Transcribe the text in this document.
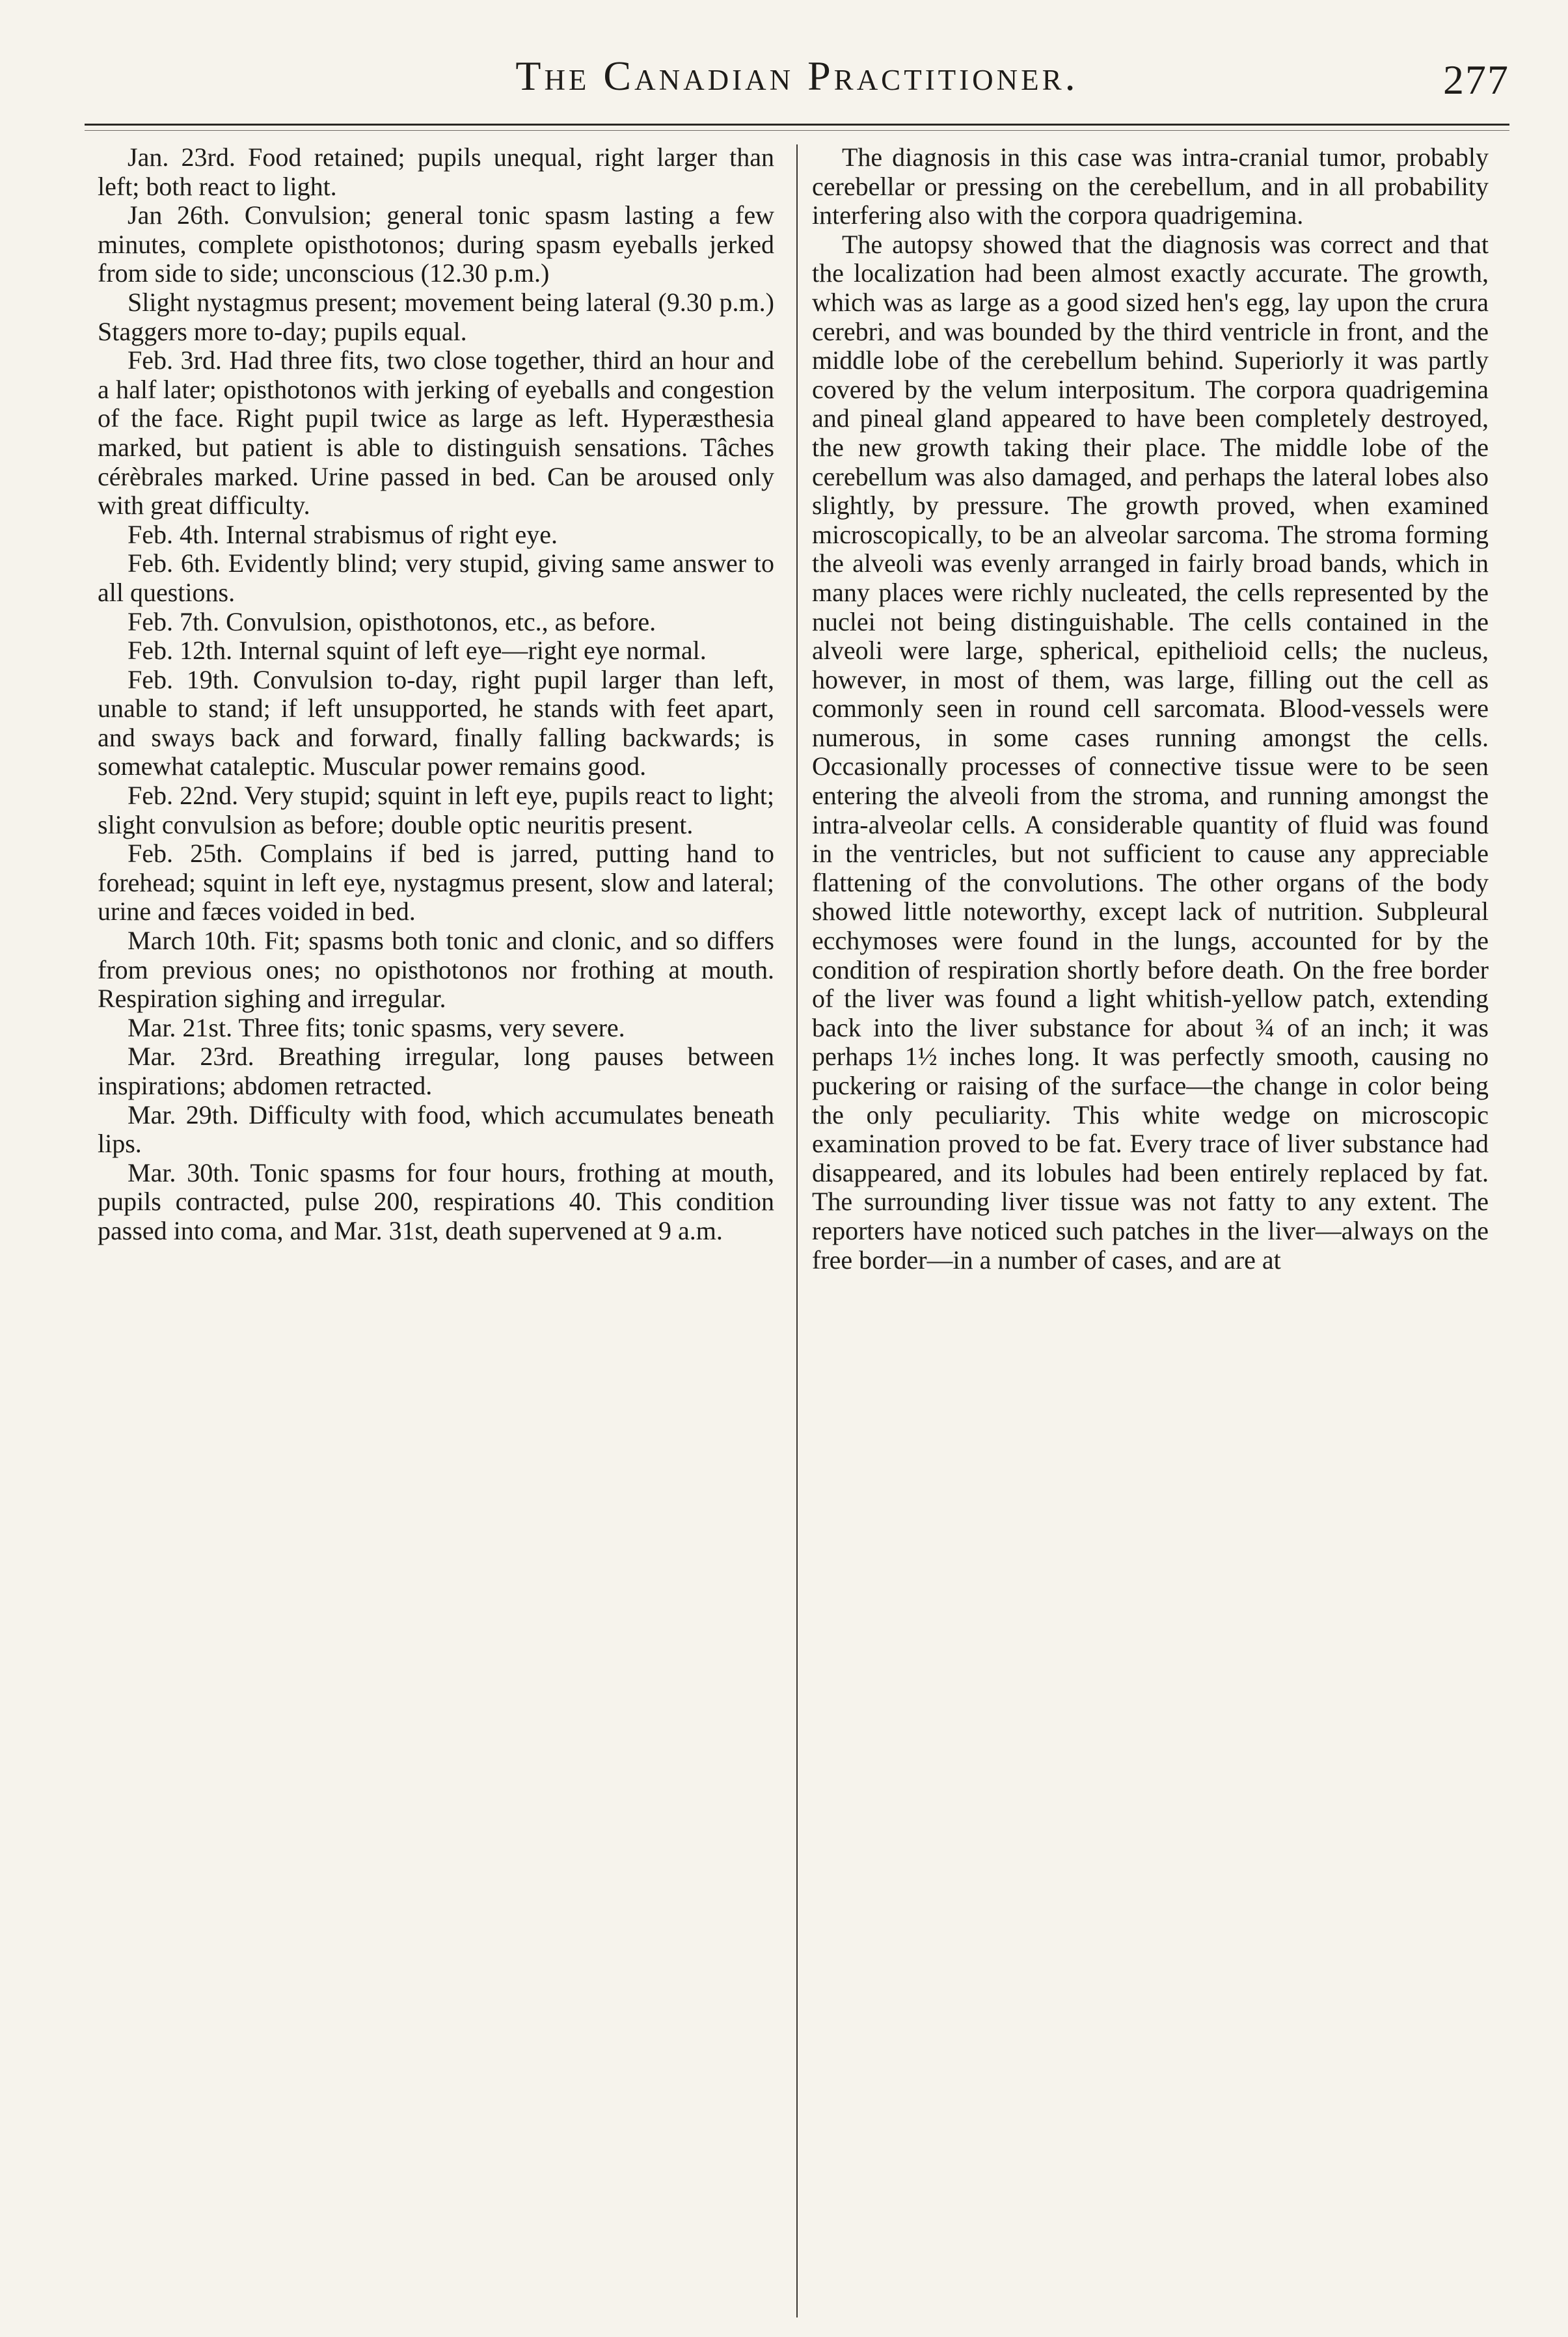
The Canadian Practitioner.	277

Jan. 23rd. Food retained; pupils unequal, right larger than left; both react to light.

Jan 26th. Convulsion; general tonic spasm lasting a few minutes, complete opisthotonos; during spasm eyeballs jerked from side to side; unconscious (12.30 p.m.)

Slight nystagmus present; movement being lateral (9.30 p.m.) Staggers more to-day; pupils equal.

Feb. 3rd. Had three fits, two close together, third an hour and a half later; opisthotonos with jerking of eyeballs and congestion of the face. Right pupil twice as large as left. Hyperæsthesia marked, but patient is able to distinguish sensations. Tâches cérèbrales marked. Urine passed in bed. Can be aroused only with great difficulty.

Feb. 4th. Internal strabismus of right eye.

Feb. 6th. Evidently blind; very stupid, giving same answer to all questions.

Feb. 7th. Convulsion, opisthotonos, etc., as before.

Feb. 12th. Internal squint of left eye—right eye normal.

Feb. 19th. Convulsion to-day, right pupil larger than left, unable to stand; if left unsupported, he stands with feet apart, and sways back and forward, finally falling backwards; is somewhat cataleptic. Muscular power remains good.

Feb. 22nd. Very stupid; squint in left eye, pupils react to light; slight convulsion as before; double optic neuritis present.

Feb. 25th. Complains if bed is jarred, putting hand to forehead; squint in left eye, nystagmus present, slow and lateral; urine and fæces voided in bed.

March 10th. Fit; spasms both tonic and clonic, and so differs from previous ones; no opisthotonos nor frothing at mouth. Respiration sighing and irregular.

Mar. 21st. Three fits; tonic spasms, very severe.

Mar. 23rd. Breathing irregular, long pauses between inspirations; abdomen retracted.

Mar. 29th. Difficulty with food, which accumulates beneath lips.

Mar. 30th. Tonic spasms for four hours, frothing at mouth, pupils contracted, pulse 200, respirations 40. This condition passed into coma, and Mar. 31st, death supervened at 9 a.m.

The diagnosis in this case was intra-cranial tumor, probably cerebellar or pressing on the cerebellum, and in all probability interfering also with the corpora quadrigemina.

The autopsy showed that the diagnosis was correct and that the localization had been almost exactly accurate. The growth, which was as large as a good sized hen's egg, lay upon the crura cerebri, and was bounded by the third ventricle in front, and the middle lobe of the cerebellum behind. Superiorly it was partly covered by the velum interpositum. The corpora quadrigemina and pineal gland appeared to have been completely destroyed, the new growth taking their place. The middle lobe of the cerebellum was also damaged, and perhaps the lateral lobes also slightly, by pressure. The growth proved, when examined microscopically, to be an alveolar sarcoma. The stroma forming the alveoli was evenly arranged in fairly broad bands, which in many places were richly nucleated, the cells represented by the nuclei not being distinguishable. The cells contained in the alveoli were large, spherical, epithelioid cells; the nucleus, however, in most of them, was large, filling out the cell as commonly seen in round cell sarcomata. Blood-vessels were numerous, in some cases running amongst the cells. Occasionally processes of connective tissue were to be seen entering the alveoli from the stroma, and running amongst the intra-alveolar cells. A considerable quantity of fluid was found in the ventricles, but not sufficient to cause any appreciable flattening of the convolutions. The other organs of the body showed little noteworthy, except lack of nutrition. Subpleural ecchymoses were found in the lungs, accounted for by the condition of respiration shortly before death. On the free border of the liver was found a light whitish-yellow patch, extending back into the liver substance for about ¾ of an inch; it was perhaps 1½ inches long. It was perfectly smooth, causing no puckering or raising of the surface—the change in color being the only peculiarity. This white wedge on microscopic examination proved to be fat. Every trace of liver substance had disappeared, and its lobules had been entirely replaced by fat. The surrounding liver tissue was not fatty to any extent. The reporters have noticed such patches in the liver—always on the free border—in a number of cases, and are at
